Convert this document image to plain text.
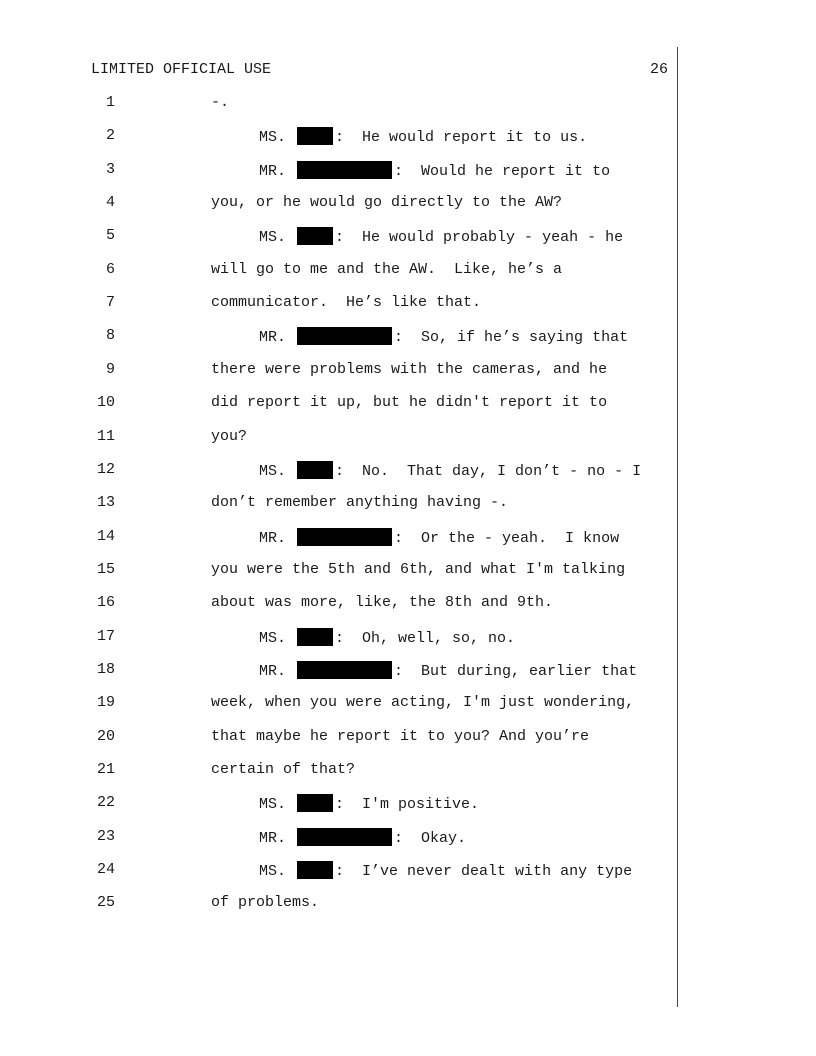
LIMITED OFFICIAL USE	26
1	-.
2	MS.	:  He would report it to us.
3	MR.	:  Would he report it to
4	you, or he would go directly to the AW?
5	MS.	:  He would probably - yeah - he
6	will go to me and the AW.  Like, he’s a
7	communicator.  He’s like that.
8	MR.	:  So, if he’s saying that
9	there were problems with the cameras, and he
10	did report it up, but he didn't report it to
11	you?
12	MS.	:  No.  That day, I don’t - no - I
13	don’t remember anything having -.
14	MR.	:  Or the - yeah.  I know
15	you were the 5th and 6th, and what I'm talking
16	about was more, like, the 8th and 9th.
17	MS.	:  Oh, well, so, no.
18	MR.	:  But during, earlier that
19	week, when you were acting, I'm just wondering,
20	that maybe he report it to you? And you’re
21	certain of that?
22	MS.	:  I'm positive.
23	MR.	:  Okay.
24	MS.	:  I’ve never dealt with any type
25	of problems.
